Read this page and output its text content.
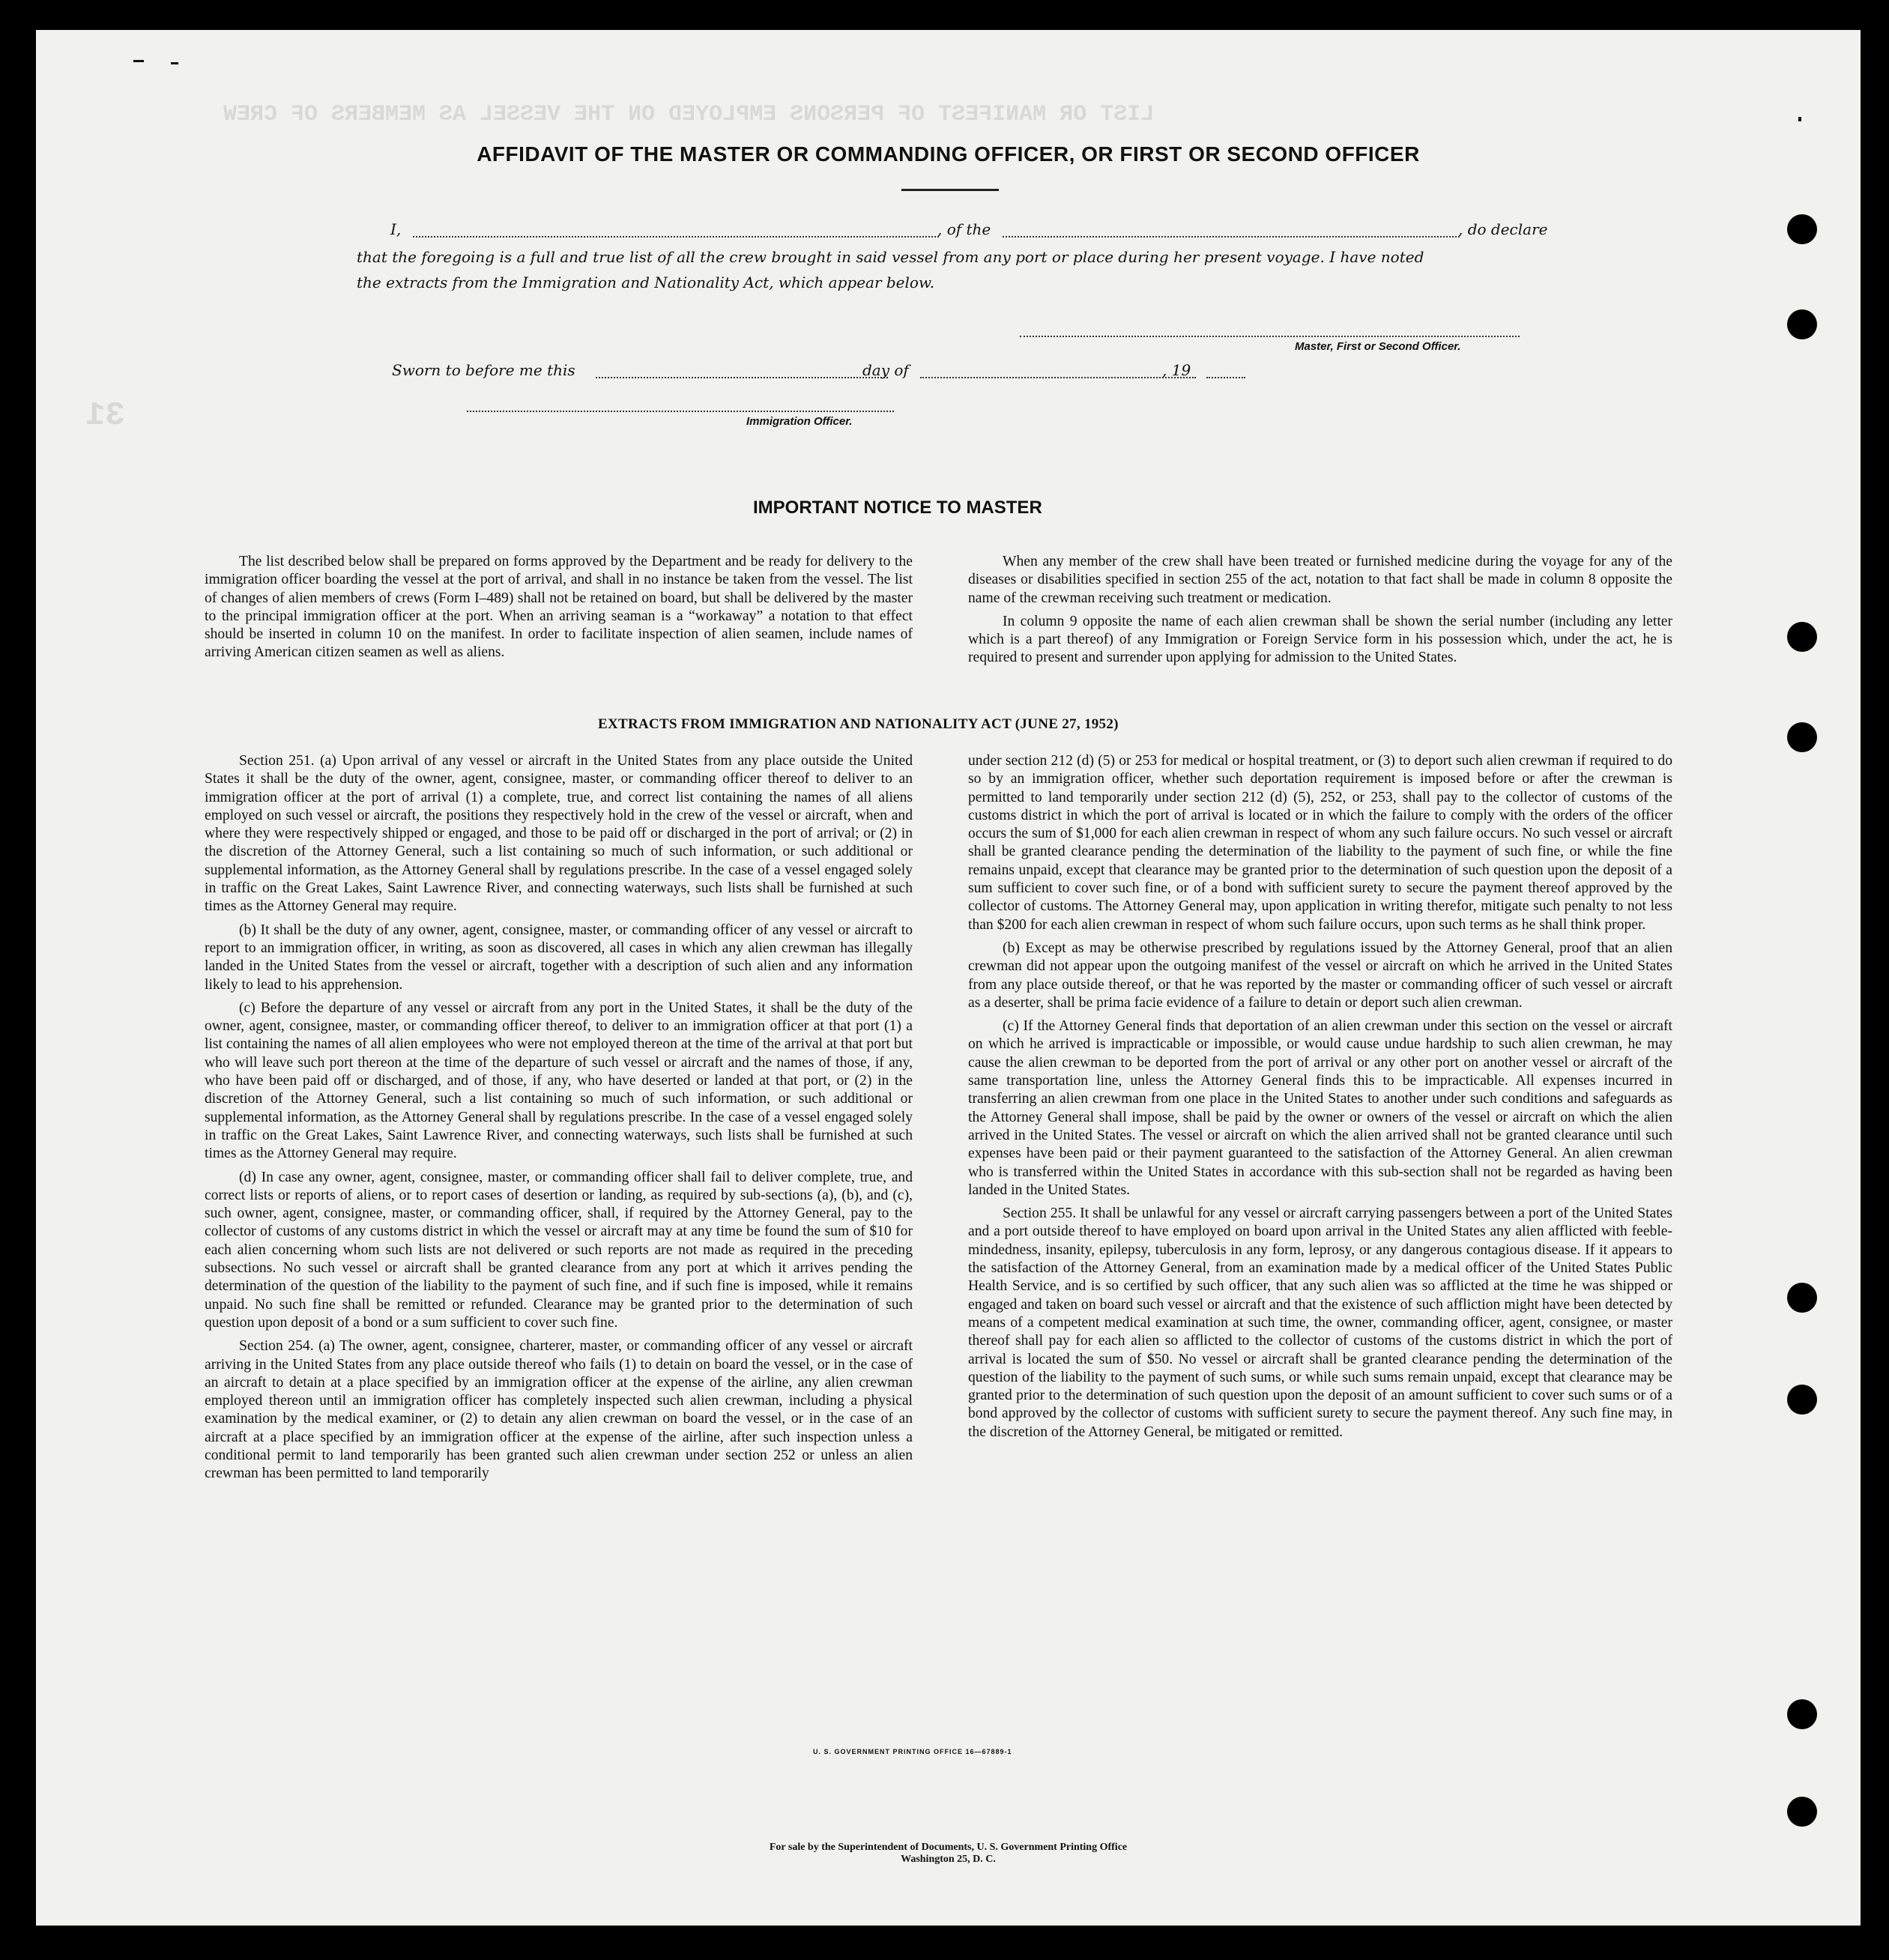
LIST OR MANIFEST OF PERSONS EMPLOYED ON THE VESSEL AS MEMBERS OF CREW
31
AFFIDAVIT OF THE MASTER OR COMMANDING OFFICER, OR FIRST OR SECOND OFFICER
I,	, of the	, do declare
that the foregoing is a full and true list of all the crew brought in said vessel from any port or place during her present voyage. I have noted
the extracts from the Immigration and Nationality Act, which appear below.
Master, First or Second Officer.
Sworn to before me this	day of	, 19
Immigration Officer.
IMPORTANT NOTICE TO MASTER

The list described below shall be prepared on forms approved by the Department and be ready for delivery to the immigration officer boarding the vessel at the port of arrival, and shall in no instance be taken from the vessel. The list of changes of alien members of crews (Form I–489) shall not be retained on board, but shall be delivered by the master to the principal immigration officer at the port. When an arriving seaman is a “workaway” a notation to that effect should be inserted in column 10 on the manifest. In order to facilitate inspection of alien seamen, include names of arriving American citizen seamen as well as aliens.

When any member of the crew shall have been treated or furnished medicine during the voyage for any of the diseases or disabilities specified in section 255 of the act, notation to that fact shall be made in column 8 opposite the name of the crewman receiving such treatment or medication.

In column 9 opposite the name of each alien crewman shall be shown the serial number (including any letter which is a part thereof) of any Immigration or Foreign Service form in his possession which, under the act, he is required to present and surrender upon applying for admission to the United States.

EXTRACTS FROM IMMIGRATION AND NATIONALITY ACT (JUNE 27, 1952)

Section 251. (a) Upon arrival of any vessel or aircraft in the United States from any place outside the United States it shall be the duty of the owner, agent, consignee, master, or commanding officer thereof to deliver to an immigration officer at the port of arrival (1) a complete, true, and correct list containing the names of all aliens employed on such vessel or aircraft, the positions they respectively hold in the crew of the vessel or aircraft, when and where they were respectively shipped or engaged, and those to be paid off or discharged in the port of arrival; or (2) in the discretion of the Attorney General, such a list containing so much of such information, or such additional or supplemental information, as the Attorney General shall by regulations prescribe. In the case of a vessel engaged solely in traffic on the Great Lakes, Saint Lawrence River, and connecting waterways, such lists shall be furnished at such times as the Attorney General may require.

(b) It shall be the duty of any owner, agent, consignee, master, or commanding officer of any vessel or aircraft to report to an immigration officer, in writing, as soon as discovered, all cases in which any alien crewman has illegally landed in the United States from the vessel or aircraft, together with a description of such alien and any information likely to lead to his apprehension.

(c) Before the departure of any vessel or aircraft from any port in the United States, it shall be the duty of the owner, agent, consignee, master, or commanding officer thereof, to deliver to an immigration officer at that port (1) a list containing the names of all alien employees who were not employed thereon at the time of the arrival at that port but who will leave such port thereon at the time of the departure of such vessel or aircraft and the names of those, if any, who have been paid off or discharged, and of those, if any, who have deserted or landed at that port, or (2) in the discretion of the Attorney General, such a list containing so much of such information, or such additional or supplemental information, as the Attorney General shall by regulations prescribe. In the case of a vessel engaged solely in traffic on the Great Lakes, Saint Lawrence River, and connecting waterways, such lists shall be furnished at such times as the Attorney General may require.

(d) In case any owner, agent, consignee, master, or commanding officer shall fail to deliver complete, true, and correct lists or reports of aliens, or to report cases of desertion or landing, as required by sub-sections (a), (b), and (c), such owner, agent, consignee, master, or commanding officer, shall, if required by the Attorney General, pay to the collector of customs of any customs district in which the vessel or aircraft may at any time be found the sum of $10 for each alien concerning whom such lists are not delivered or such reports are not made as required in the preceding subsections. No such vessel or aircraft shall be granted clearance from any port at which it arrives pending the determination of the question of the liability to the payment of such fine, and if such fine is imposed, while it remains unpaid. No such fine shall be remitted or refunded. Clearance may be granted prior to the determination of such question upon deposit of a bond or a sum sufficient to cover such fine.

Section 254. (a) The owner, agent, consignee, charterer, master, or commanding officer of any vessel or aircraft arriving in the United States from any place outside thereof who fails (1) to detain on board the vessel, or in the case of an aircraft to detain at a place specified by an immigration officer at the expense of the airline, any alien crewman employed thereon until an immigration officer has completely inspected such alien crewman, including a physical examination by the medical examiner, or (2) to detain any alien crewman on board the vessel, or in the case of an aircraft at a place specified by an immigration officer at the expense of the airline, after such inspection unless a conditional permit to land temporarily has been granted such alien crewman under section 252 or unless an alien crewman has been permitted to land temporarily

under section 212 (d) (5) or 253 for medical or hospital treatment, or (3) to deport such alien crewman if required to do so by an immigration officer, whether such deportation requirement is imposed before or after the crewman is permitted to land temporarily under section 212 (d) (5), 252, or 253, shall pay to the collector of customs of the customs district in which the port of arrival is located or in which the failure to comply with the orders of the officer occurs the sum of $1,000 for each alien crewman in respect of whom any such failure occurs. No such vessel or aircraft shall be granted clearance pending the determination of the liability to the payment of such fine, or while the fine remains unpaid, except that clearance may be granted prior to the determination of such question upon the deposit of a sum sufficient to cover such fine, or of a bond with sufficient surety to secure the payment thereof approved by the collector of customs. The Attorney General may, upon application in writing therefor, mitigate such penalty to not less than $200 for each alien crewman in respect of whom such failure occurs, upon such terms as he shall think proper.

(b) Except as may be otherwise prescribed by regulations issued by the Attorney General, proof that an alien crewman did not appear upon the outgoing manifest of the vessel or aircraft on which he arrived in the United States from any place outside thereof, or that he was reported by the master or commanding officer of such vessel or aircraft as a deserter, shall be prima facie evidence of a failure to detain or deport such alien crewman.

(c) If the Attorney General finds that deportation of an alien crewman under this section on the vessel or aircraft on which he arrived is impracticable or impossible, or would cause undue hardship to such alien crewman, he may cause the alien crewman to be deported from the port of arrival or any other port on another vessel or aircraft of the same transportation line, unless the Attorney General finds this to be impracticable. All expenses incurred in transferring an alien crewman from one place in the United States to another under such conditions and safeguards as the Attorney General shall impose, shall be paid by the owner or owners of the vessel or aircraft on which the alien arrived in the United States. The vessel or aircraft on which the alien arrived shall not be granted clearance until such expenses have been paid or their payment guaranteed to the satisfaction of the Attorney General. An alien crewman who is transferred within the United States in accordance with this sub-section shall not be regarded as having been landed in the United States.

Section 255. It shall be unlawful for any vessel or aircraft carrying passengers between a port of the United States and a port outside thereof to have employed on board upon arrival in the United States any alien afflicted with feeble-mindedness, insanity, epilepsy, tuberculosis in any form, leprosy, or any dangerous contagious disease. If it appears to the satisfaction of the Attorney General, from an examination made by a medical officer of the United States Public Health Service, and is so certified by such officer, that any such alien was so afflicted at the time he was shipped or engaged and taken on board such vessel or aircraft and that the existence of such affliction might have been detected by means of a competent medical examination at such time, the owner, commanding officer, agent, consignee, or master thereof shall pay for each alien so afflicted to the collector of customs of the customs district in which the port of arrival is located the sum of $50. No vessel or aircraft shall be granted clearance pending the determination of the question of the liability to the payment of such sums, or while such sums remain unpaid, except that clearance may be granted prior to the determination of such question upon the deposit of an amount sufficient to cover such sums or of a bond approved by the collector of customs with sufficient surety to secure the payment thereof. Any such fine may, in the discretion of the Attorney General, be mitigated or remitted.

U. S. GOVERNMENT PRINTING OFFICE 16—67889-1
For sale by the Superintendent of Documents, U. S. Government Printing Office
Washington 25, D. C.
